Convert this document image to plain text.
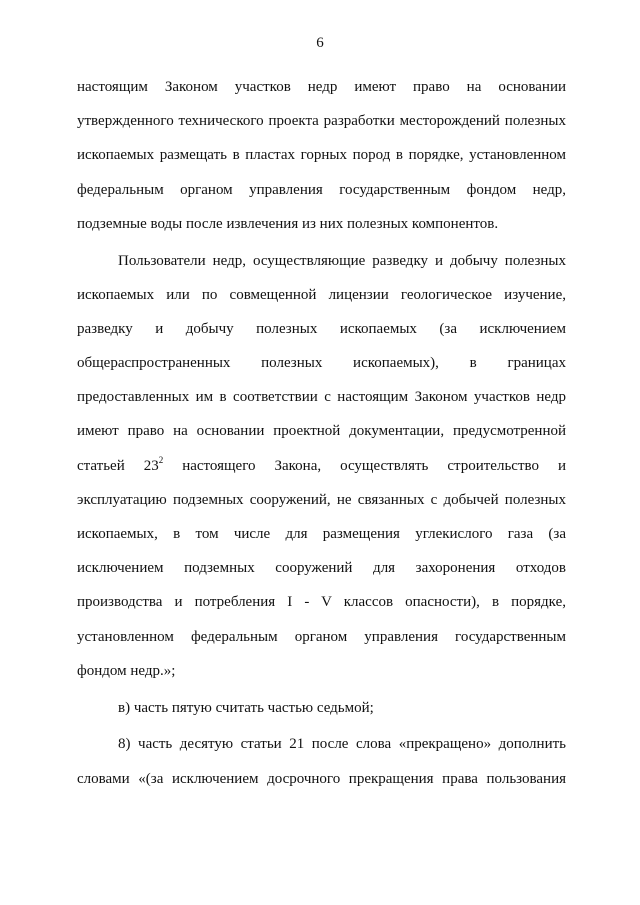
6
настоящим Законом участков недр имеют право на основании
утвержденного технического проекта разработки месторождений полезных
ископаемых размещать в пластах горных пород в порядке, установленном
федеральным органом управления государственным фондом недр,
подземные воды после извлечения из них полезных компонентов.
Пользователи недр, осуществляющие разведку и добычу полезных
ископаемых или по совмещенной лицензии геологическое изучение,
разведку и добычу полезных ископаемых (за исключением
общераспространенных полезных ископаемых), в границах
предоставленных им в соответствии с настоящим Законом участков недр
имеют право на основании проектной документации, предусмотренной
статьей $23^2$ настоящего Закона, осуществлять строительство и
эксплуатацию подземных сооружений, не связанных с добычей полезных
ископаемых, в том числе для размещения углекислого газа (за
исключением подземных сооружений для захоронения отходов
производства и потребления I - V классов опасности), в порядке,
установленном федеральным органом управления государственным
фондом недр.»;
в) часть пятую считать частью седьмой;
8) часть десятую статьи 21 после слова «прекращено» дополнить
словами «(за исключением досрочного прекращения права пользования
